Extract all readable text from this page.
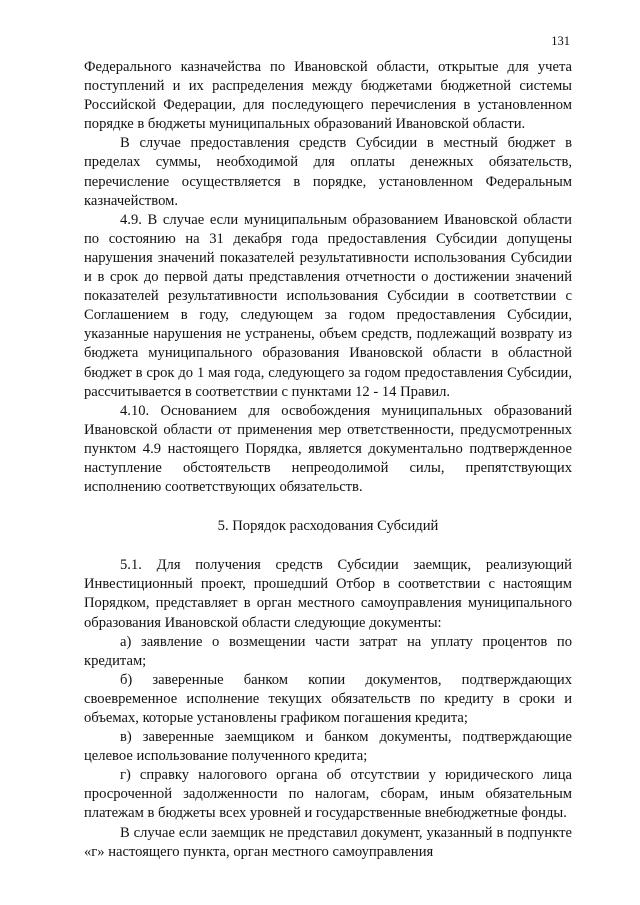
131

Федерального казначейства по Ивановской области, открытые для учета поступлений и их распределения между бюджетами бюджетной системы Российской Федерации, для последующего перечисления в установленном порядке в бюджеты муниципальных образований Ивановской области.

В случае предоставления средств Субсидии в местный бюджет в пределах суммы, необходимой для оплаты денежных обязательств, перечисление осуществляется в порядке, установленном Федеральным казначейством.

4.9. В случае если муниципальным образованием Ивановской области по состоянию на 31 декабря года предоставления Субсидии допущены нарушения значений показателей результативности использования Субсидии и в срок до первой даты представления отчетности о достижении значений показателей результативности использования Субсидии в соответствии с Соглашением в году, следующем за годом предоставления Субсидии, указанные нарушения не устранены, объем средств, подлежащий возврату из бюджета муниципального образования Ивановской области в областной бюджет в срок до 1 мая года, следующего за годом предоставления Субсидии, рассчитывается в соответствии с пунктами 12 - 14 Правил.

4.10. Основанием для освобождения муниципальных образований Ивановской области от применения мер ответственности, предусмотренных пунктом 4.9 настоящего Порядка, является документально подтвержденное наступление обстоятельств непреодолимой силы, препятствующих исполнению соответствующих обязательств.

5. Порядок расходования Субсидий

5.1. Для получения средств Субсидии заемщик, реализующий Инвестиционный проект, прошедший Отбор в соответствии с настоящим Порядком, представляет в орган местного самоуправления муниципального образования Ивановской области следующие документы:

а) заявление о возмещении части затрат на уплату процентов по кредитам;

б) заверенные банком копии документов, подтверждающих своевременное исполнение текущих обязательств по кредиту в сроки и объемах, которые установлены графиком погашения кредита;

в) заверенные заемщиком и банком документы, подтверждающие целевое использование полученного кредита;

г) справку налогового органа об отсутствии у юридического лица просроченной задолженности по налогам, сборам, иным обязательным платежам в бюджеты всех уровней и государственные внебюджетные фонды.

В случае если заемщик не представил документ, указанный в подпункте «г» настоящего пункта, орган местного самоуправления
